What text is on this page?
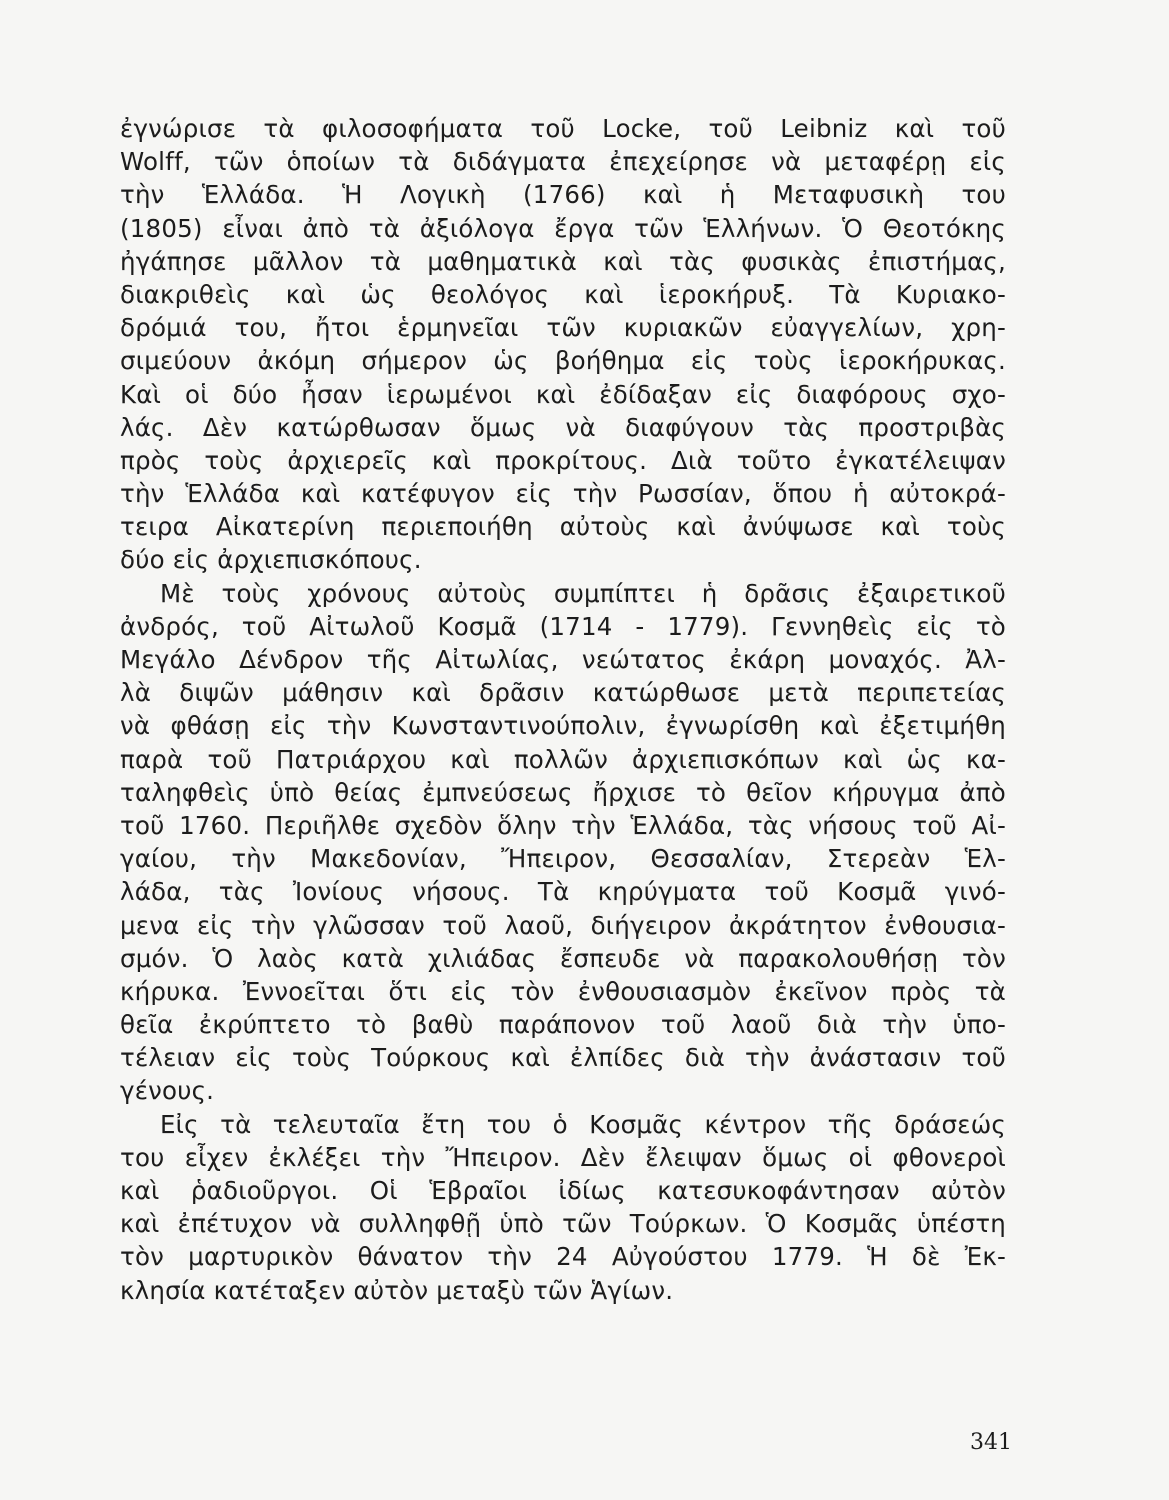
ἐγνώρισε τὰ φιλοσοφήματα τοῦ Locke, τοῦ Leibniz καὶ τοῦ
Wolff, τῶν ὁποίων τὰ διδάγματα ἐπεχείρησε νὰ μεταφέρῃ εἰς
τὴν Ἑλλάδα. Ἡ Λογικὴ (1766) καὶ ἡ Μεταφυσικὴ του
(1805) εἶναι ἀπὸ τὰ ἀξιόλογα ἔργα τῶν Ἑλλήνων. Ὁ Θεοτόκης
ἠγάπησε μᾶλλον τὰ μαθηματικὰ καὶ τὰς φυσικὰς ἐπιστήμας,
διακριθεὶς καὶ ὡς θεολόγος καὶ ἱεροκήρυξ. Τὰ Κυριακο-
δρόμιά του, ἤτοι ἑρμηνεῖαι τῶν κυριακῶν εὐαγγελίων, χρη-
σιμεύουν ἀκόμη σήμερον ὡς βοήθημα εἰς τοὺς ἱεροκήρυκας.
Καὶ οἱ δύο ἦσαν ἱερωμένοι καὶ ἐδίδαξαν εἰς διαφόρους σχο-
λάς. Δὲν κατώρθωσαν ὅμως νὰ διαφύγουν τὰς προστριβὰς
πρὸς τοὺς ἀρχιερεῖς καὶ προκρίτους. Διὰ τοῦτο ἐγκατέλειψαν
τὴν Ἑλλάδα καὶ κατέφυγον εἰς τὴν Ρωσσίαν, ὅπου ἡ αὐτοκρά-
τειρα Αἰκατερίνη περιεποιήθη αὐτοὺς καὶ ἀνύψωσε καὶ τοὺς
δύο εἰς ἀρχιεπισκόπους.
Μὲ τοὺς χρόνους αὐτοὺς συμπίπτει ἡ δρᾶσις ἐξαιρετικοῦ
ἀνδρός, τοῦ Αἰτωλοῦ Κοσμᾶ (1714 - 1779). Γεννηθεὶς εἰς τὸ
Μεγάλο Δένδρον τῆς Αἰτωλίας, νεώτατος ἐκάρη μοναχός. Ἀλ-
λὰ διψῶν μάθησιν καὶ δρᾶσιν κατώρθωσε μετὰ περιπετείας
νὰ φθάσῃ εἰς τὴν Κωνσταντινούπολιν, ἐγνωρίσθη καὶ ἐξετιμήθη
παρὰ τοῦ Πατριάρχου καὶ πολλῶν ἀρχιεπισκόπων καὶ ὡς κα-
ταληφθεὶς ὑπὸ θείας ἐμπνεύσεως ἤρχισε τὸ θεῖον κήρυγμα ἀπὸ
τοῦ 1760. Περιῆλθε σχεδὸν ὅλην τὴν Ἑλλάδα, τὰς νήσους τοῦ Αἰ-
γαίου, τὴν Μακεδονίαν, Ἤπειρον, Θεσσαλίαν, Στερεὰν Ἑλ-
λάδα, τὰς Ἰονίους νήσους. Τὰ κηρύγματα τοῦ Κοσμᾶ γινό-
μενα εἰς τὴν γλῶσσαν τοῦ λαοῦ, διήγειρον ἀκράτητον ἐνθουσια-
σμόν. Ὁ λαὸς κατὰ χιλιάδας ἔσπευδε νὰ παρακολουθήσῃ τὸν
κήρυκα. Ἐννοεῖται ὅτι εἰς τὸν ἐνθουσιασμὸν ἐκεῖνον πρὸς τὰ
θεῖα ἐκρύπτετο τὸ βαθὺ παράπονον τοῦ λαοῦ διὰ τὴν ὑπο-
τέλειαν εἰς τοὺς Τούρκους καὶ ἐλπίδες διὰ τὴν ἀνάστασιν τοῦ
γένους.
Εἰς τὰ τελευταῖα ἔτη του ὁ Κοσμᾶς κέντρον τῆς δράσεώς
του εἶχεν ἐκλέξει τὴν Ἤπειρον. Δὲν ἔλειψαν ὅμως οἱ φθονεροὶ
καὶ ῥαδιοῦργοι. Οἱ Ἑβραῖοι ἰδίως κατεσυκοφάντησαν αὐτὸν
καὶ ἐπέτυχον νὰ συλληφθῇ ὑπὸ τῶν Τούρκων. Ὁ Κοσμᾶς ὑπέστη
τὸν μαρτυρικὸν θάνατον τὴν 24 Αὐγούστου 1779. Ἡ δὲ Ἐκ-
κλησία κατέταξεν αὐτὸν μεταξὺ τῶν Ἁγίων.
341
